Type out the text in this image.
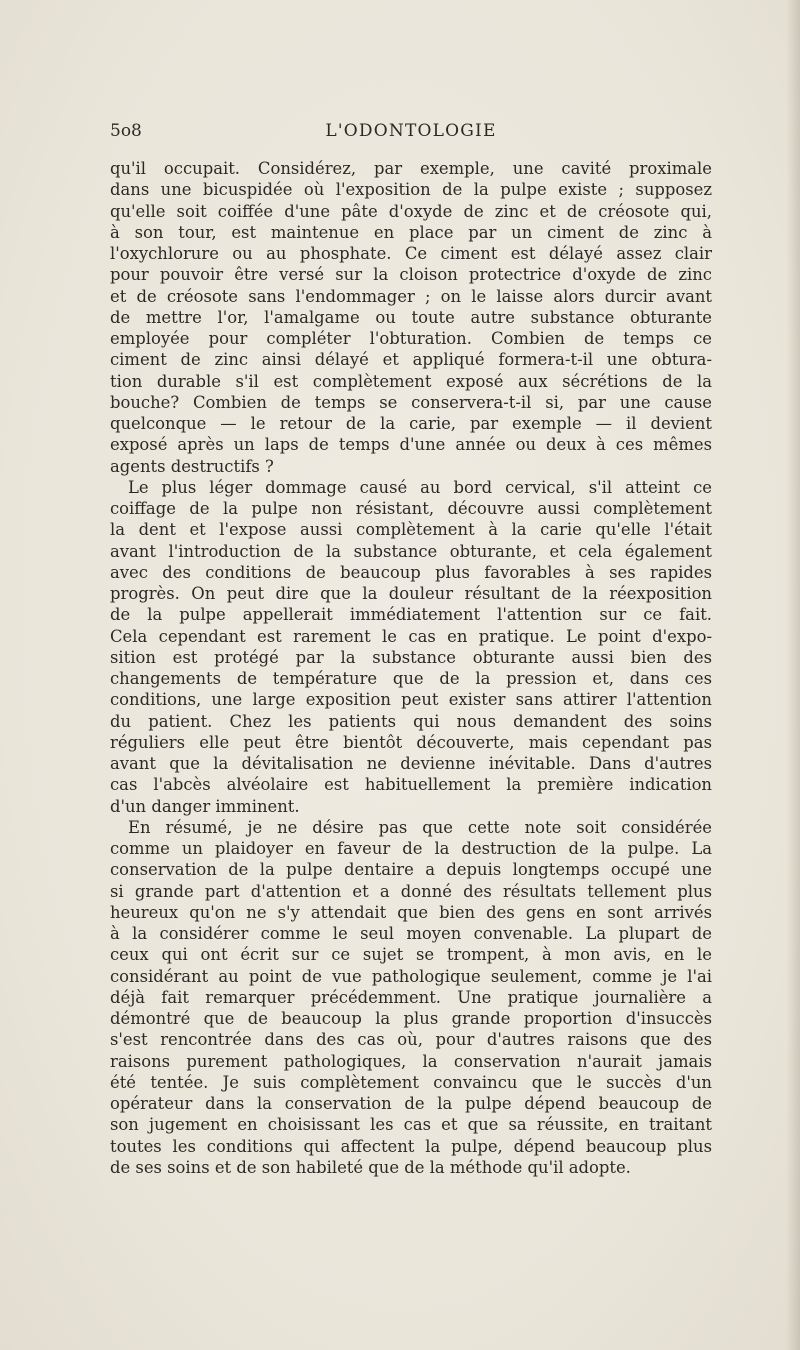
5o8	L'ODONTOLOGIE
qu'il occupait. Considérez, par exemple, une cavité proximale
dans une bicuspidée où l'exposition de la pulpe existe ; supposez
qu'elle soit coiffée d'une pâte d'oxyde de zinc et de créosote qui,
à son tour, est maintenue en place par un ciment de zinc à
l'oxychlorure ou au phosphate. Ce ciment est délayé assez clair
pour pouvoir être versé sur la cloison protectrice d'oxyde de zinc
et de créosote sans l'endommager ; on le laisse alors durcir avant
de mettre l'or, l'amalgame ou toute autre substance obturante
employée pour compléter l'obturation. Combien de temps ce
ciment de zinc ainsi délayé et appliqué formera-t-il une obtura-
tion durable s'il est complètement exposé aux sécrétions de la
bouche? Combien de temps se conservera-t-il si, par une cause
quelconque — le retour de la carie, par exemple — il devient
exposé après un laps de temps d'une année ou deux à ces mêmes
agents destructifs ?
Le plus léger dommage causé au bord cervical, s'il atteint ce
coiffage de la pulpe non résistant, découvre aussi complètement
la dent et l'expose aussi complètement à la carie qu'elle l'était
avant l'introduction de la substance obturante, et cela également
avec des conditions de beaucoup plus favorables à ses rapides
progrès. On peut dire que la douleur résultant de la réexposition
de la pulpe appellerait immédiatement l'attention sur ce fait.
Cela cependant est rarement le cas en pratique. Le point d'expo-
sition est protégé par la substance obturante aussi bien des
changements de température que de la pression et, dans ces
conditions, une large exposition peut exister sans attirer l'attention
du patient. Chez les patients qui nous demandent des soins
réguliers elle peut être bientôt découverte, mais cependant pas
avant que la dévitalisation ne devienne inévitable. Dans d'autres
cas l'abcès alvéolaire est habituellement la première indication
d'un danger imminent.
En résumé, je ne désire pas que cette note soit considérée
comme un plaidoyer en faveur de la destruction de la pulpe. La
conservation de la pulpe dentaire a depuis longtemps occupé une
si grande part d'attention et a donné des résultats tellement plus
heureux qu'on ne s'y attendait que bien des gens en sont arrivés
à la considérer comme le seul moyen convenable. La plupart de
ceux qui ont écrit sur ce sujet se trompent, à mon avis, en le
considérant au point de vue pathologique seulement, comme je l'ai
déjà fait remarquer précédemment. Une pratique journalière a
démontré que de beaucoup la plus grande proportion d'insuccès
s'est rencontrée dans des cas où, pour d'autres raisons que des
raisons purement pathologiques, la conservation n'aurait jamais
été tentée. Je suis complètement convaincu que le succès d'un
opérateur dans la conservation de la pulpe dépend beaucoup de
son jugement en choisissant les cas et que sa réussite, en traitant
toutes les conditions qui affectent la pulpe, dépend beaucoup plus
de ses soins et de son habileté que de la méthode qu'il adopte.
